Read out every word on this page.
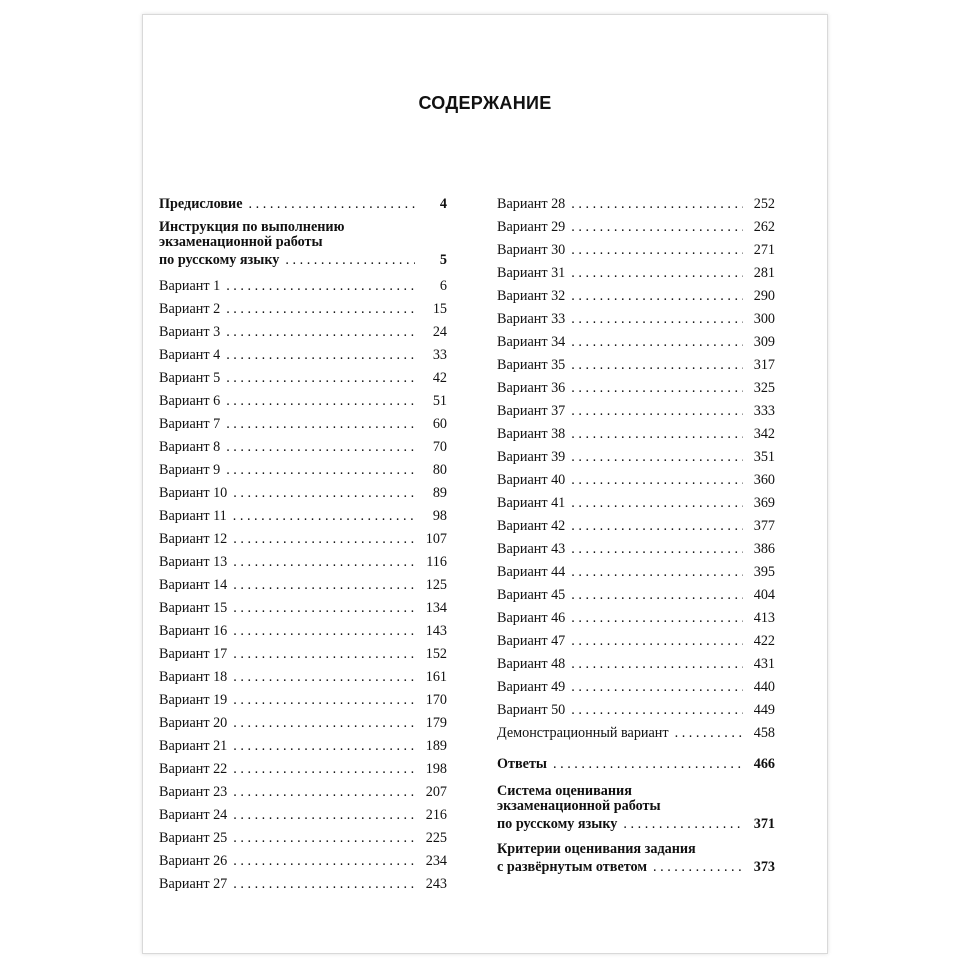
СОДЕРЖАНИЕ
Предисловие . . .	4
Инструкция по выполнению
экзаменационной работы
по русскому языку . . .	5
Вариант 1 . . .	6
Вариант 2 . . .	15
Вариант 3 . . .	24
Вариант 4 . . .	33
Вариант 5 . . .	42
Вариант 6 . . .	51
Вариант 7 . . .	60
Вариант 8 . . .	70
Вариант 9 . . .	80
Вариант 10 . . .	89
Вариант 11 . . .	98
Вариант 12 . . .	107
Вариант 13 . . .	116
Вариант 14 . . .	125
Вариант 15 . . .	134
Вариант 16 . . .	143
Вариант 17 . . .	152
Вариант 18 . . .	161
Вариант 19 . . .	170
Вариант 20 . . .	179
Вариант 21 . . .	189
Вариант 22 . . .	198
Вариант 23 . . .	207
Вариант 24 . . .	216
Вариант 25 . . .	225
Вариант 26 . . .	234
Вариант 27 . . .	243
Вариант 28 . . .	252
Вариант 29 . . .	262
Вариант 30 . . .	271
Вариант 31 . . .	281
Вариант 32 . . .	290
Вариант 33 . . .	300
Вариант 34 . . .	309
Вариант 35 . . .	317
Вариант 36 . . .	325
Вариант 37 . . .	333
Вариант 38 . . .	342
Вариант 39 . . .	351
Вариант 40 . . .	360
Вариант 41 . . .	369
Вариант 42 . . .	377
Вариант 43 . . .	386
Вариант 44 . . .	395
Вариант 45 . . .	404
Вариант 46 . . .	413
Вариант 47 . . .	422
Вариант 48 . . .	431
Вариант 49 . . .	440
Вариант 50 . . .	449
Демонстрационный вариант . . .	458
Ответы . . .	466
Система оценивания
экзаменационной работы
по русскому языку . . .	371
Критерии оценивания задания
с развёрнутым ответом . . .	373
